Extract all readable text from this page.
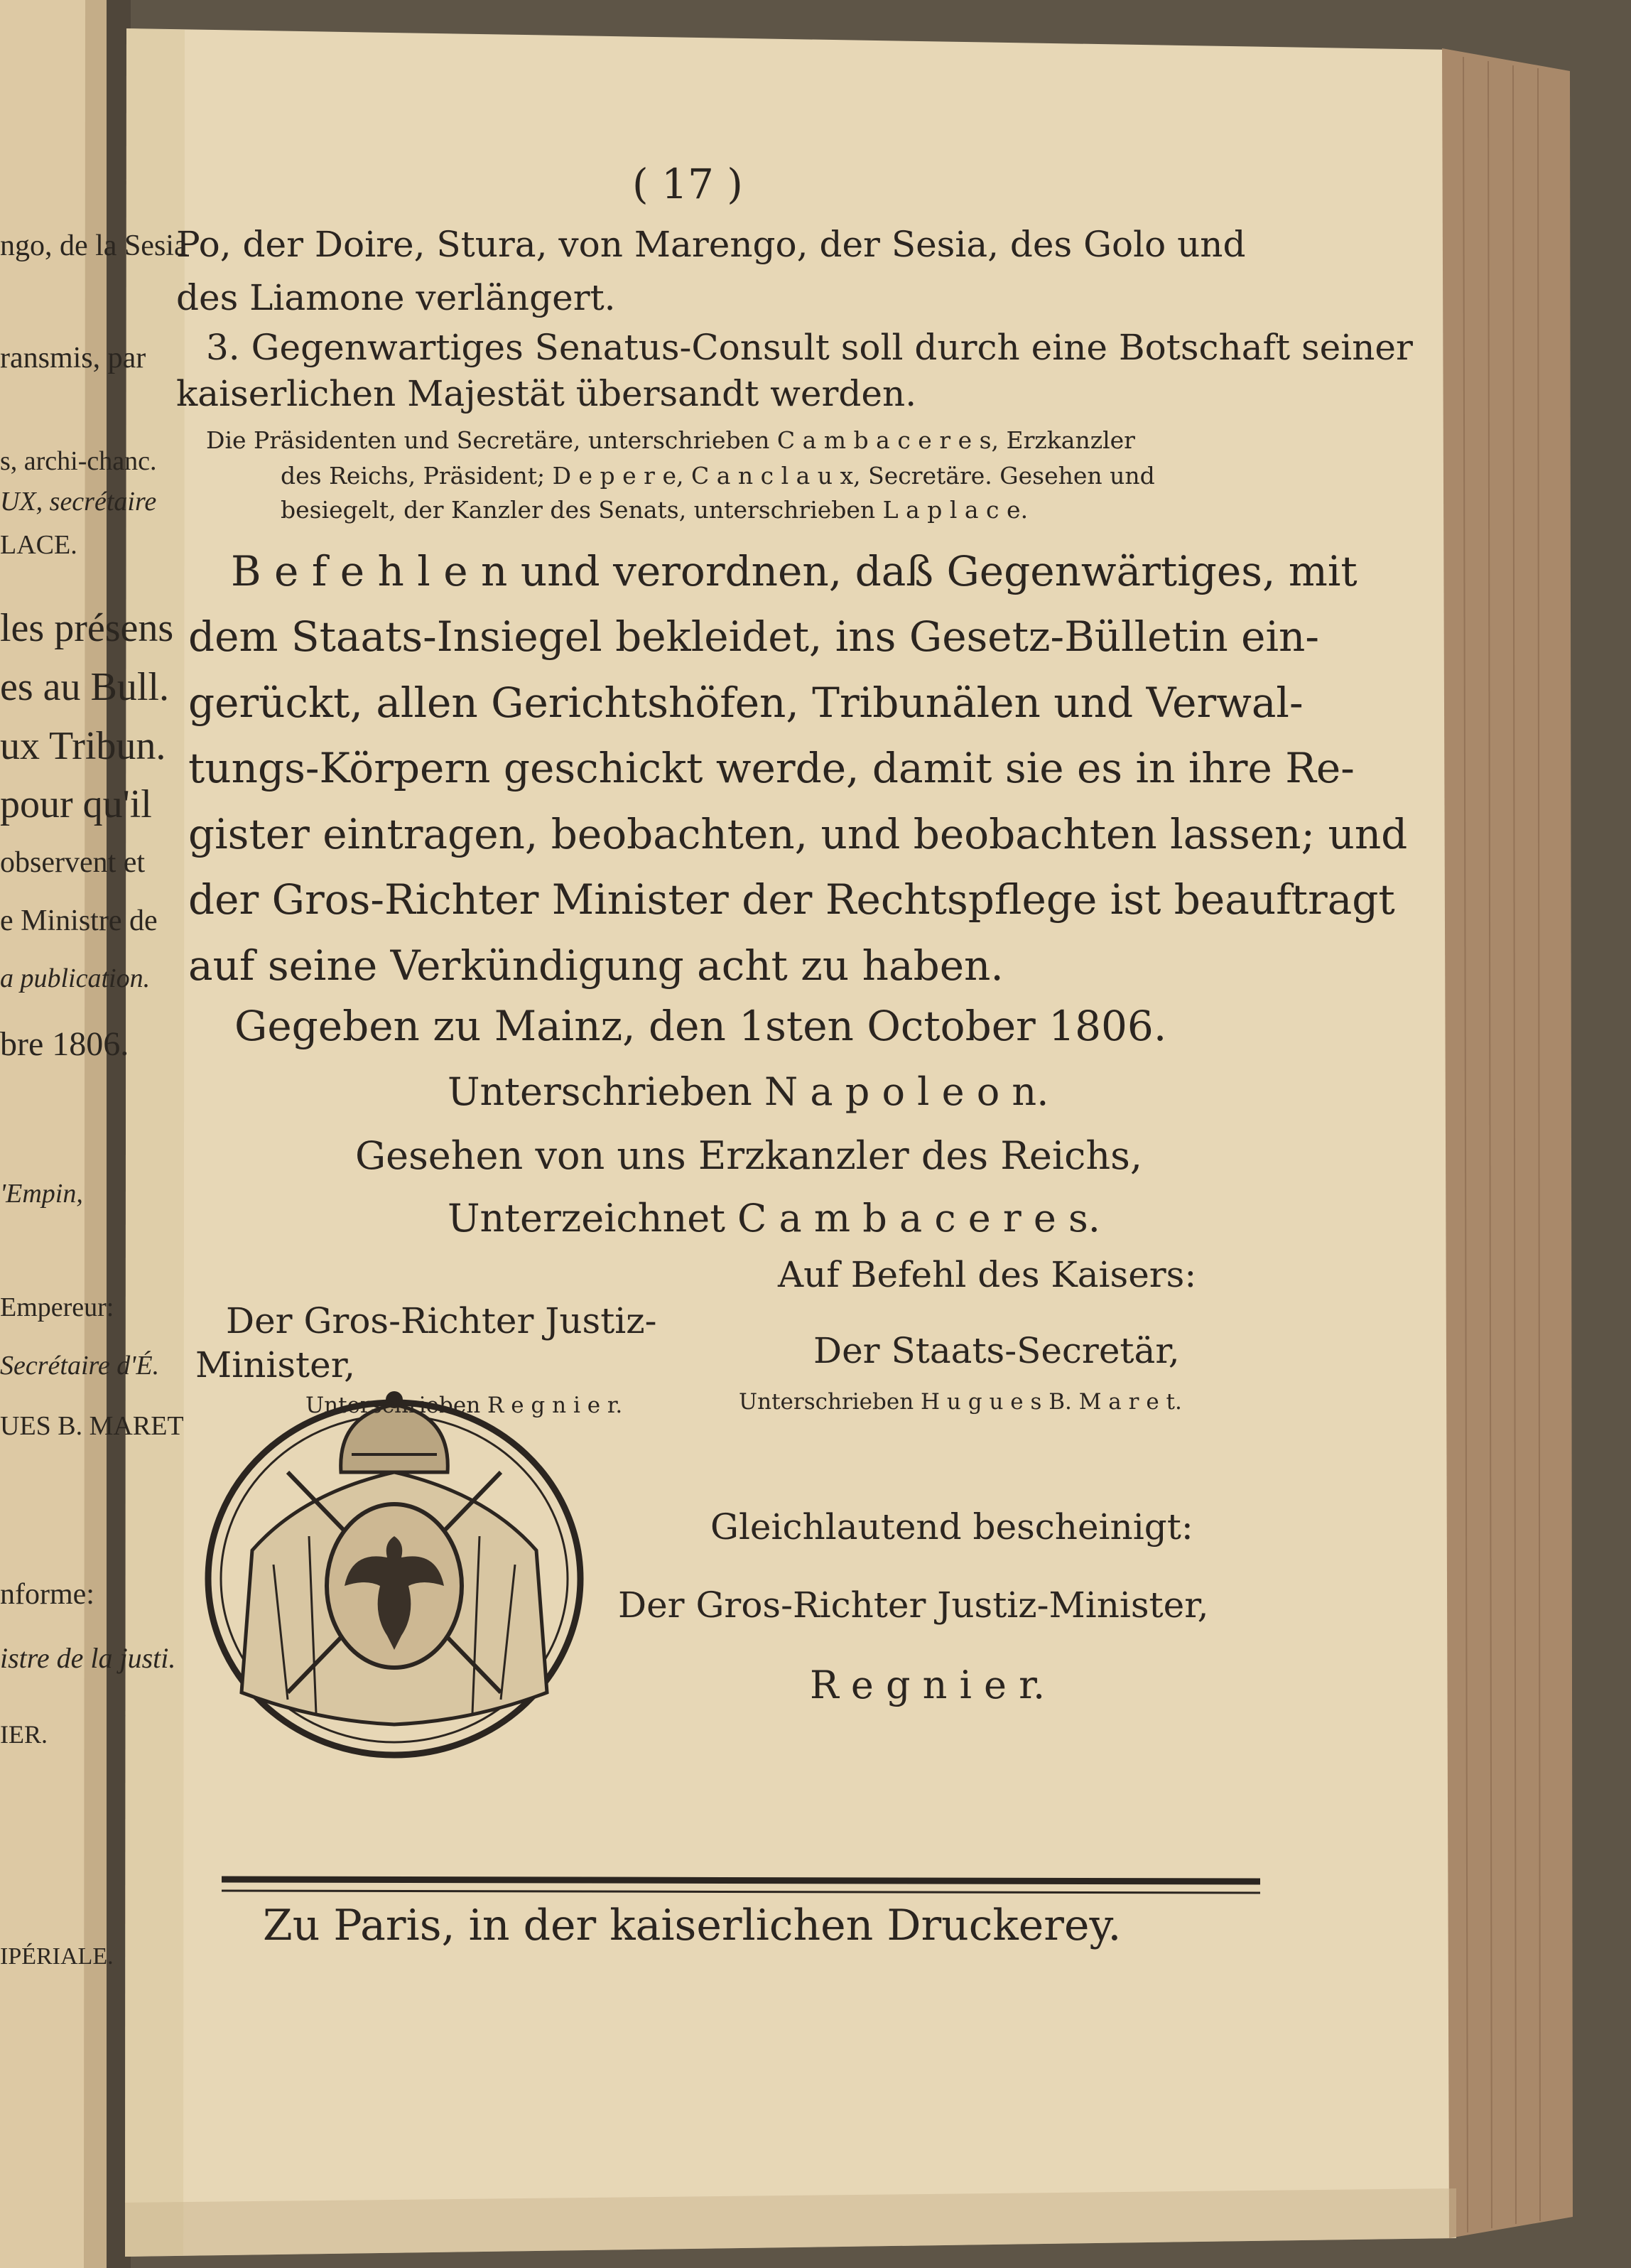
ngo, de la Sesia
ransmis, par
s, archi-chanc.
UX, secrétaire
LACE.
les présens
es au Bull.
ux Tribun.
pour qu'il
observent et
e Ministre de
a publication.
bre 1806.
'Empin,
Empereur:
Secrétaire d'É.
UES B. MARET
nforme:
istre de la justi.
IER.
IPÉRIALE.
( 17 )
Po, der Doire, Stura, von Marengo, der Sesia, des Golo und
des Liamone verlängert.
3. Gegenwartiges Senatus-Consult soll durch eine Botschaft seiner
kaiserlichen Majestät übersandt werden.
Die Präsidenten und Secretäre, unterschrieben C a m b a c e r e s, Erzkanzler
des Reichs, Präsident; D e p e r e, C a n c l a u x, Secretäre. Gesehen und
besiegelt, der Kanzler des Senats, unterschrieben L a p l a c e.
B e f e h l e n und verordnen, daß Gegenwärtiges, mit
dem Staats-Insiegel bekleidet, ins Gesetz-Bülletin ein-
gerückt, allen Gerichtshöfen, Tribunälen und Verwal-
tungs-Körpern geschickt werde, damit sie es in ihre Re-
gister eintragen, beobachten, und beobachten lassen; und
der Gros-Richter Minister der Rechtspflege ist beauftragt
auf seine Verkündigung acht zu haben.
Gegeben zu Mainz, den 1sten October 1806.
Unterschrieben N a p o l e o n.
Gesehen von uns Erzkanzler des Reichs,
Unterzeichnet C a m b a c e r e s.
Auf Befehl des Kaisers:
Der Gros-Richter Justiz-
Minister,	Der Staats-Secretär,
Unterschrieben R e g n i e r.	Unterschrieben H u g u e s B. M a r e t.
Gleichlautend bescheinigt:
Der Gros-Richter Justiz-Minister,
R e g n i e r.
Zu Paris, in der kaiserlichen Druckerey.
